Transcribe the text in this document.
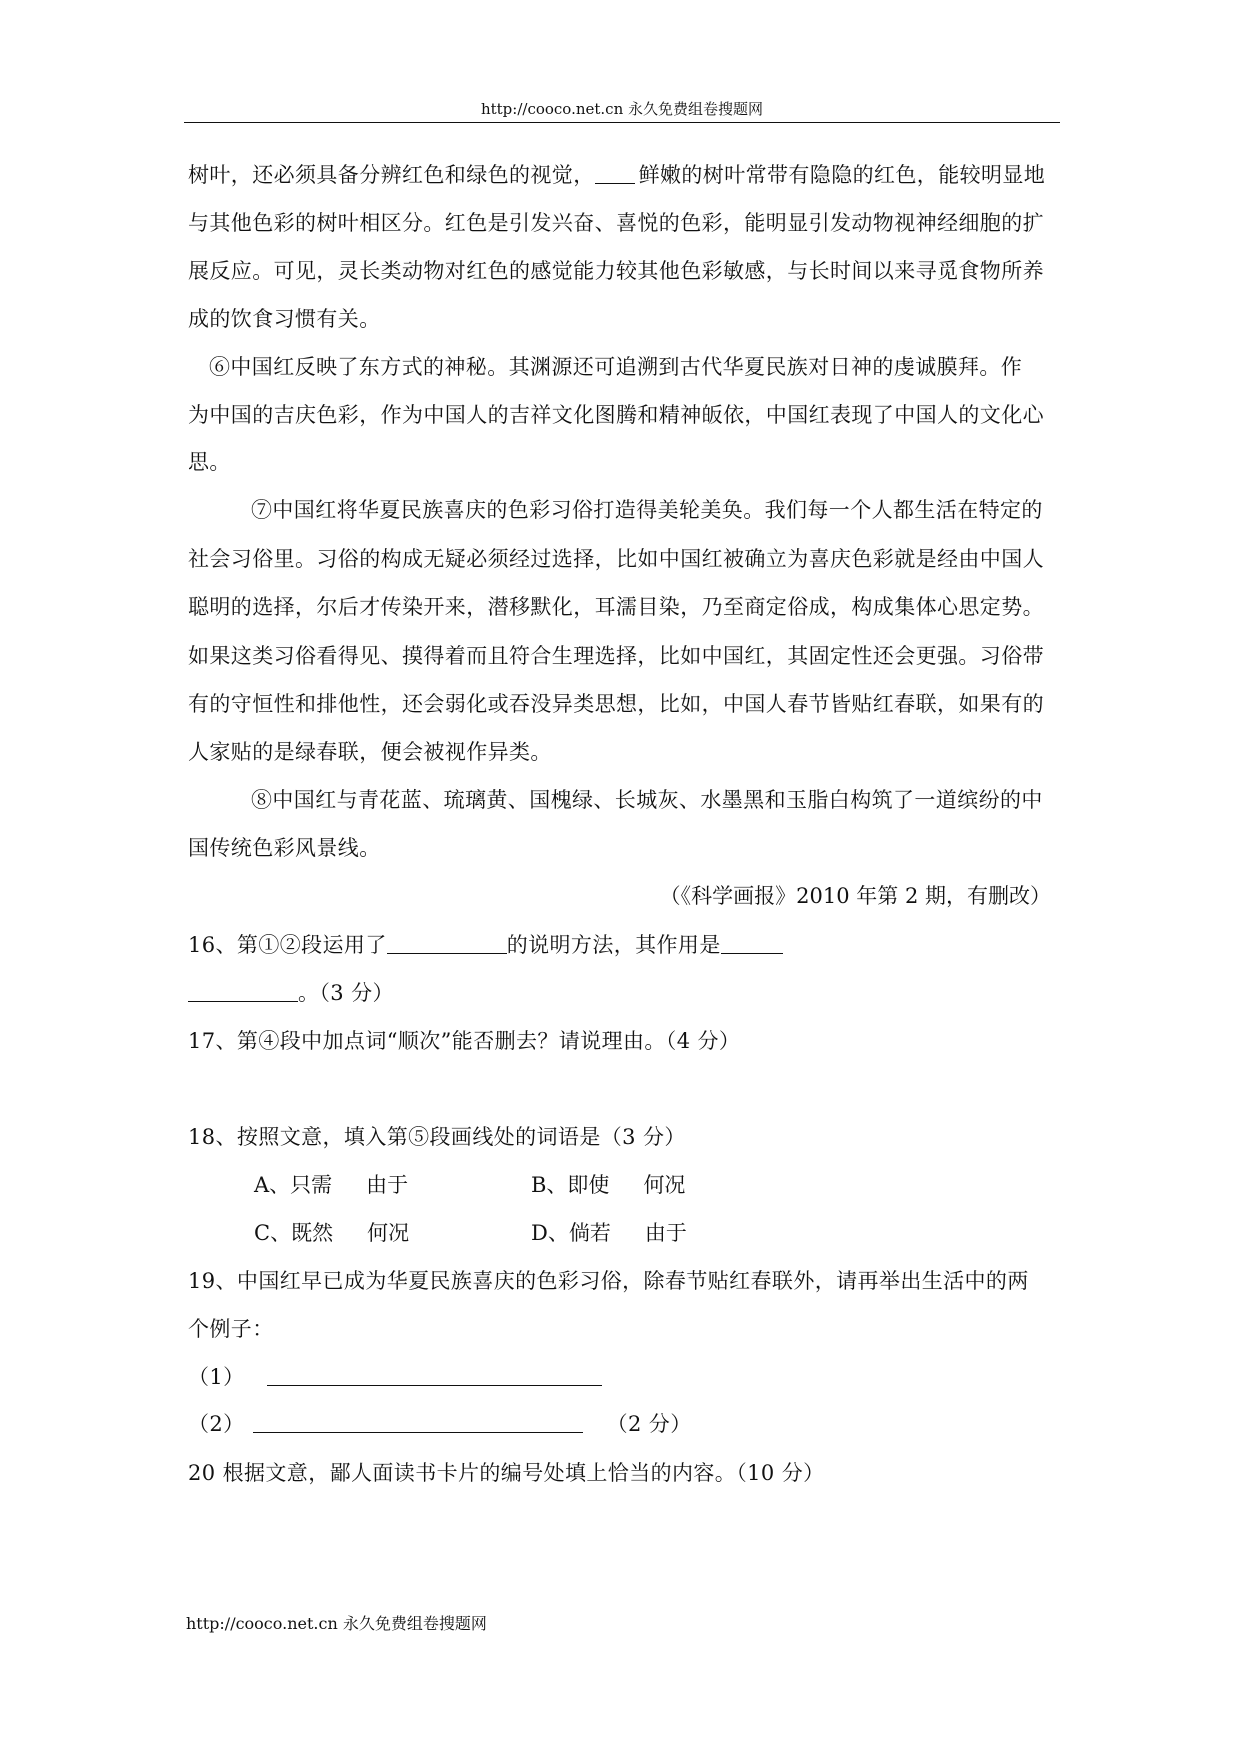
http://cooco.net.cn 永久免费组卷搜题网
树叶，还必须具备分辨红色和绿色的视觉， 鲜嫩的树叶常带有隐隐的红色，能较明显地
与其他色彩的树叶相区分。红色是引发兴奋、喜悦的色彩，能明显引发动物视神经细胞的扩
展反应。可见，灵长类动物对红色的感觉能力较其他色彩敏感，与长时间以来寻觅食物所养
成的饮食习惯有关。
⑥中国红反映了东方式的神秘。其渊源还可追溯到古代华夏民族对日神的虔诚膜拜。作
为中国的吉庆色彩，作为中国人的吉祥文化图腾和精神皈依，中国红表现了中国人的文化心
思。
⑦中国红将华夏民族喜庆的色彩习俗打造得美轮美奂。我们每一个人都生活在特定的
社会习俗里。习俗的构成无疑必须经过选择，比如中国红被确立为喜庆色彩就是经由中国人
聪明的选择，尔后才传染开来，潜移默化，耳濡目染，乃至商定俗成，构成集体心思定势。
如果这类习俗看得见、摸得着而且符合生理选择，比如中国红，其固定性还会更强。习俗带
有的守恒性和排他性，还会弱化或吞没异类思想，比如，中国人春节皆贴红春联，如果有的
人家贴的是绿春联，便会被视作异类。
⑧中国红与青花蓝、琉璃黄、国槐绿、长城灰、水墨黑和玉脂白构筑了一道缤纷的中
国传统色彩风景线。
（《科学画报》2010 年第 2 期，有删改）
16、第①②段运用了	的说明方法，其作用是
。（3 分）
17、第④段中加点词“顺次”能否删去？请说理由。（4 分）
18、按照文意，填入第⑤段画线处的词语是（3 分）
A、只需 由于	B、即使 何况
C、既然 何况	D、倘若 由于
19、中国红早已成为华夏民族喜庆的色彩习俗，除春节贴红春联外，请再举出生活中的两
个例子：
（1）
（2）	（2 分）
20 根据文意，鄙人面读书卡片的编号处填上恰当的内容。（10 分）
http://cooco.net.cn 永久免费组卷搜题网
